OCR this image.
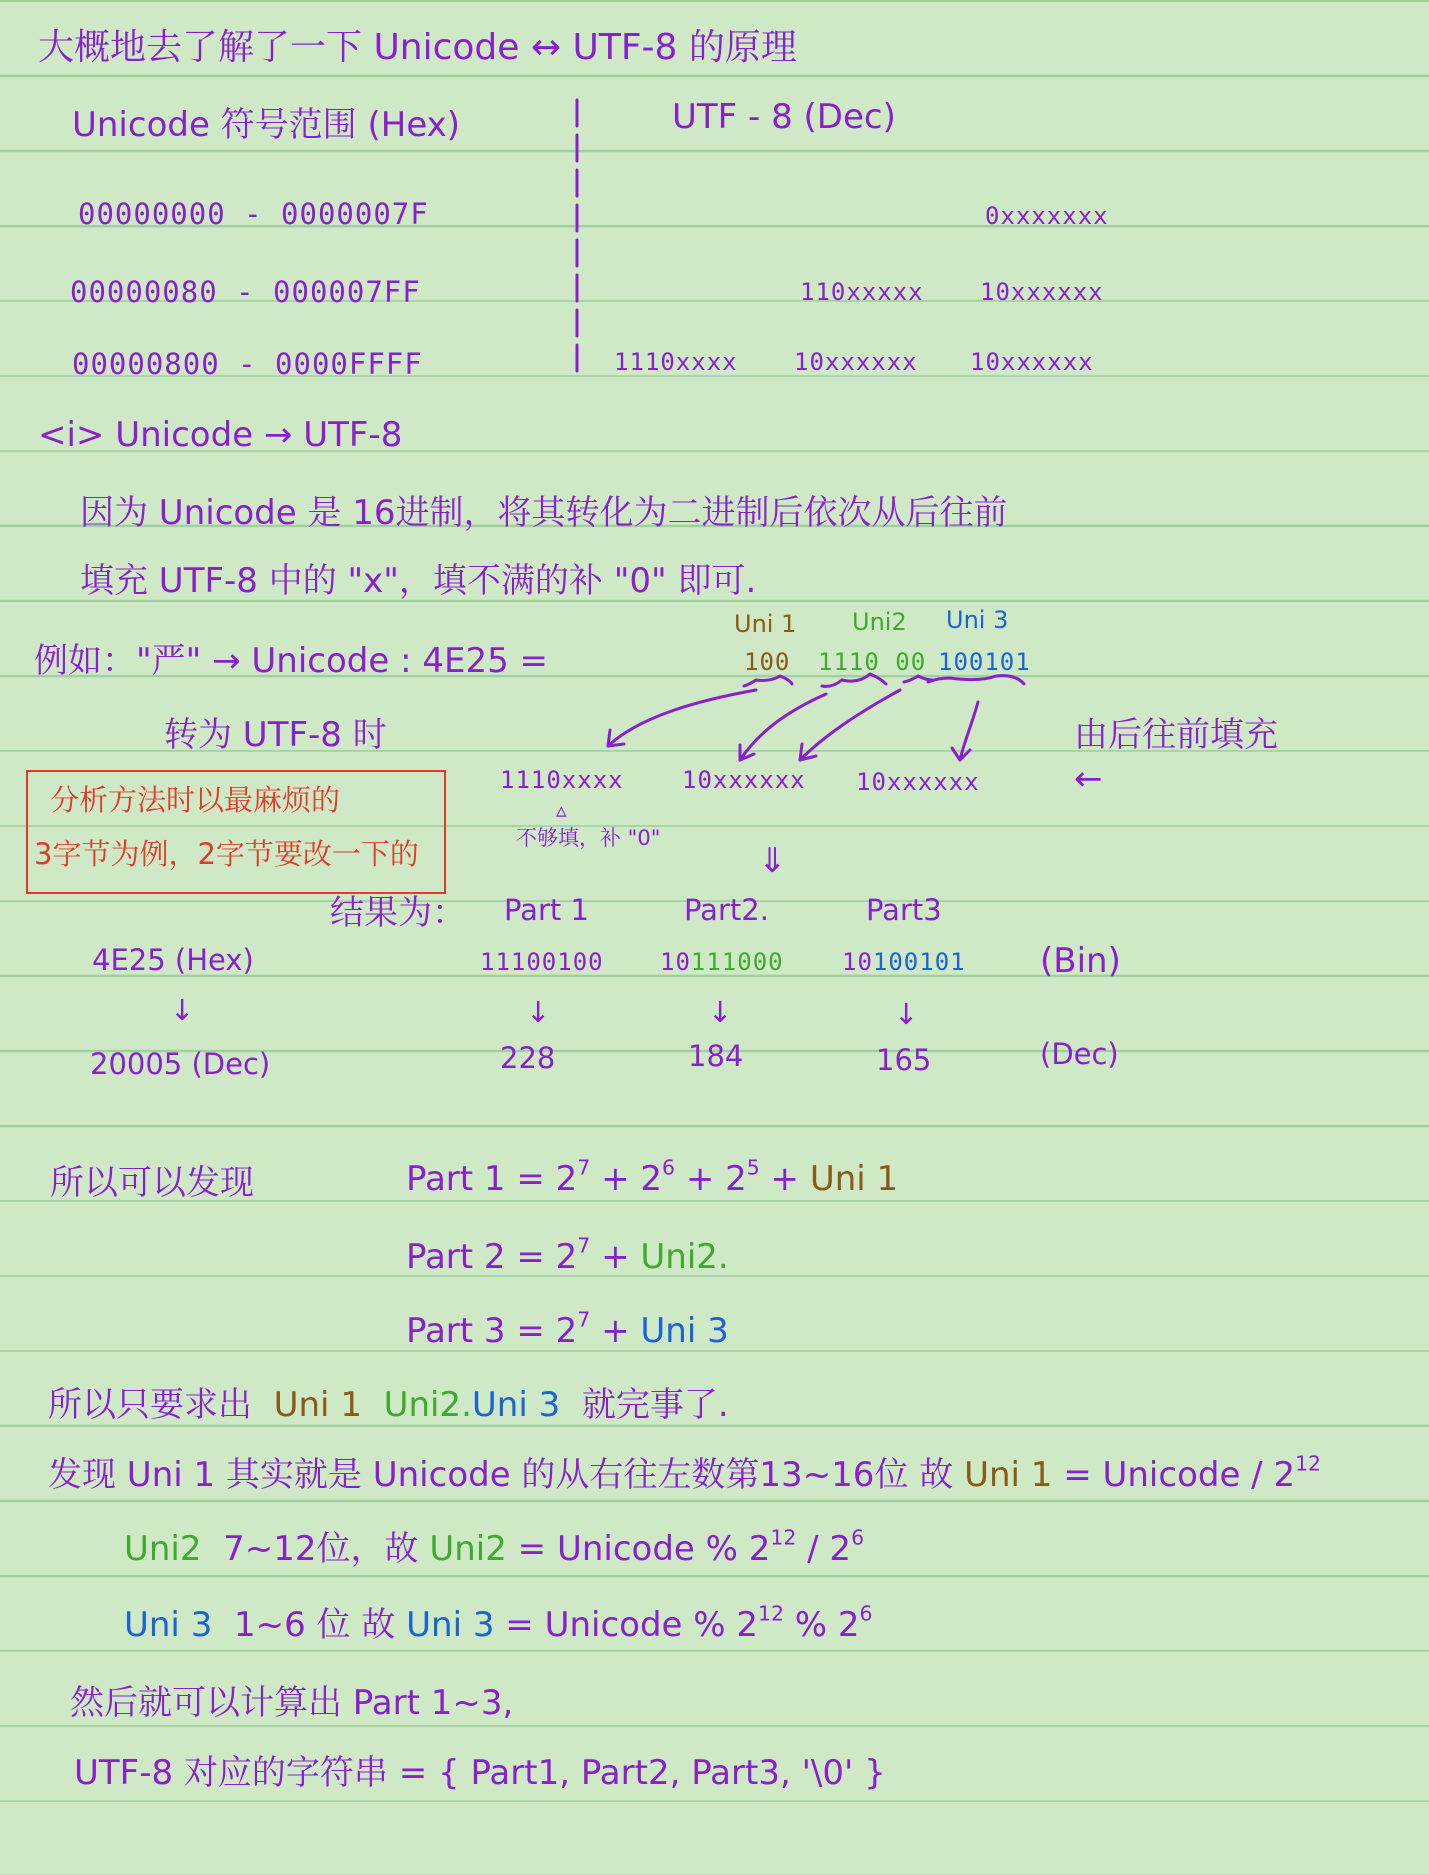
大概地去了解了一下 Unicode ↔ UTF-8 的原理
Unicode 符号范围 (Hex)	UTF - 8 (Dec)
00000000 - 0000007F	0xxxxxxx
00000080 - 000007FF	110xxxxx 10xxxxxx
00000800 - 0000FFFF	1110xxxx 10xxxxxx 10xxxxxx
<i> Unicode → UTF-8
因为 Unicode 是 16进制，将其转化为二进制后依次从后往前
填充 UTF-8 中的 "x"，填不满的补 "0" 即可.
例如："严" → Unicode : 4E25 =
Uni 1 Uni2 Uni 3
100 1110 00 100101
转为 UTF-8 时	由后往前填充
←
1110xxxx 10xxxxxx 10xxxxxx
▵
不够填，补 "0"
⇓
分析方法时以最麻烦的
3字节为例，2字节要改一下的
结果为： Part 1	Part2.	Part3
4E25 (Hex)	11100100 10111000 10100101 (Bin)
↓	↓	↓	↓
20005 (Dec)	228	184	165	(Dec)
所以可以发现	Part $1 = 2^7 + 2^6 + 2^5$ + Uni 1
Part $2 = 2^7 + Uni2$.
Part $3 = 2^7$ + Uni 3
所以只要求出 Uni 1 Uni2.Uni 3 就完事了.
发现 Uni 1 其实就是 Unicode 的从右往左数第13~16位 故 Uni 1 = Unicode / $2^{12}$
Uni2 7~12位，故 Uni2 = Unicode % $2^{12} / 2^6$
Uni 3 1~6 位 故 Uni 3 = Unicode % $2^{12}$ % $2^6$
然后就可以计算出 Part 1~3,
UTF-8 对应的字符串 = { Part1, Part2, Part3, '\0' }
